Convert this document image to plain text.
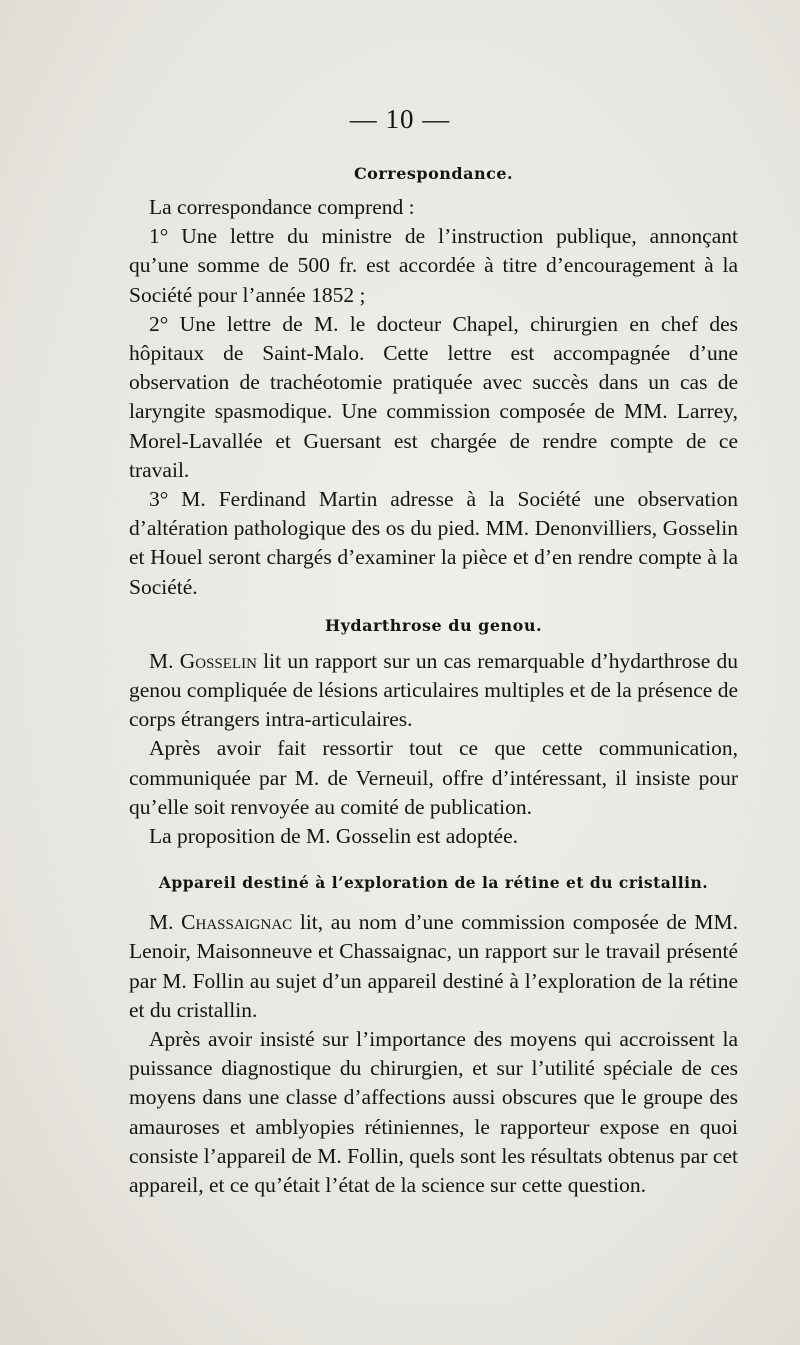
— 10 —
Correspondance.

La correspondance comprend :

1° Une lettre du ministre de l’instruction publique, annonçant qu’une somme de 500 fr. est accordée à titre d’encouragement à la Société pour l’année 1852 ;

2° Une lettre de M. le docteur Chapel, chirurgien en chef des hôpitaux de Saint-Malo. Cette lettre est accompagnée d’une observation de trachéotomie pratiquée avec succès dans un cas de laryngite spasmodique. Une commission composée de MM. Larrey, Morel-Lavallée et Guersant est chargée de rendre compte de ce travail.

3° M. Ferdinand Martin adresse à la Société une observation d’altération pathologique des os du pied. MM. Denonvilliers, Gosselin et Houel seront chargés d’examiner la pièce et d’en rendre compte à la Société.

Hydarthrose du genou.

M. Gosselin lit un rapport sur un cas remarquable d’hydarthrose du genou compliquée de lésions articulaires multiples et de la présence de corps étrangers intra-articulaires.

Après avoir fait ressortir tout ce que cette communication, communiquée par M. de Verneuil, offre d’intéressant, il insiste pour qu’elle soit renvoyée au comité de publication.

La proposition de M. Gosselin est adoptée.

Appareil destiné à l’exploration de la rétine et du cristallin.

M. Chassaignac lit, au nom d’une commission composée de MM. Lenoir, Maisonneuve et Chassaignac, un rapport sur le travail présenté par M. Follin au sujet d’un appareil destiné à l’exploration de la rétine et du cristallin.

Après avoir insisté sur l’importance des moyens qui accroissent la puissance diagnostique du chirurgien, et sur l’utilité spéciale de ces moyens dans une classe d’affections aussi obscures que le groupe des amauroses et amblyopies rétiniennes, le rapporteur expose en quoi consiste l’appareil de M. Follin, quels sont les résultats obtenus par cet appareil, et ce qu’était l’état de la science sur cette question.
